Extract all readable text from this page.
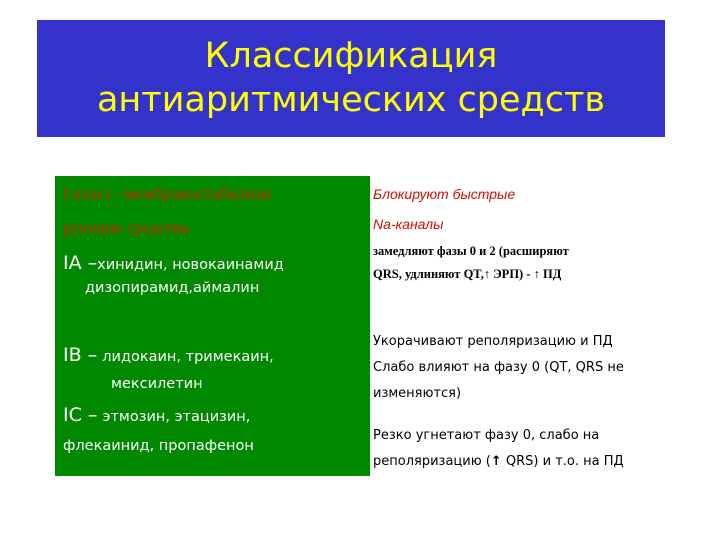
Классификация
антиаритмических средств
I класс –мембраностабилизи
рующие средства
IA –хинидин, новокаинамид
дизопирамид,аймалин
IB – лидокаин, тримекаин,
мексилетин
IC – этмозин, этацизин,
флекаинид, пропафенон
Блокируют быстрые
Na-каналы
замедляют фазы 0 и 2 (расширяют
QRS, удлиняют QT,↑ ЭРП) - ↑ ПД
Укорачивают реполяризацию и ПД
Слабо влияют на фазу 0 (QT, QRS не
изменяются)
Резко угнетают фазу 0, слабо на
реполяризацию (↑ QRS) и т.о. на ПД
